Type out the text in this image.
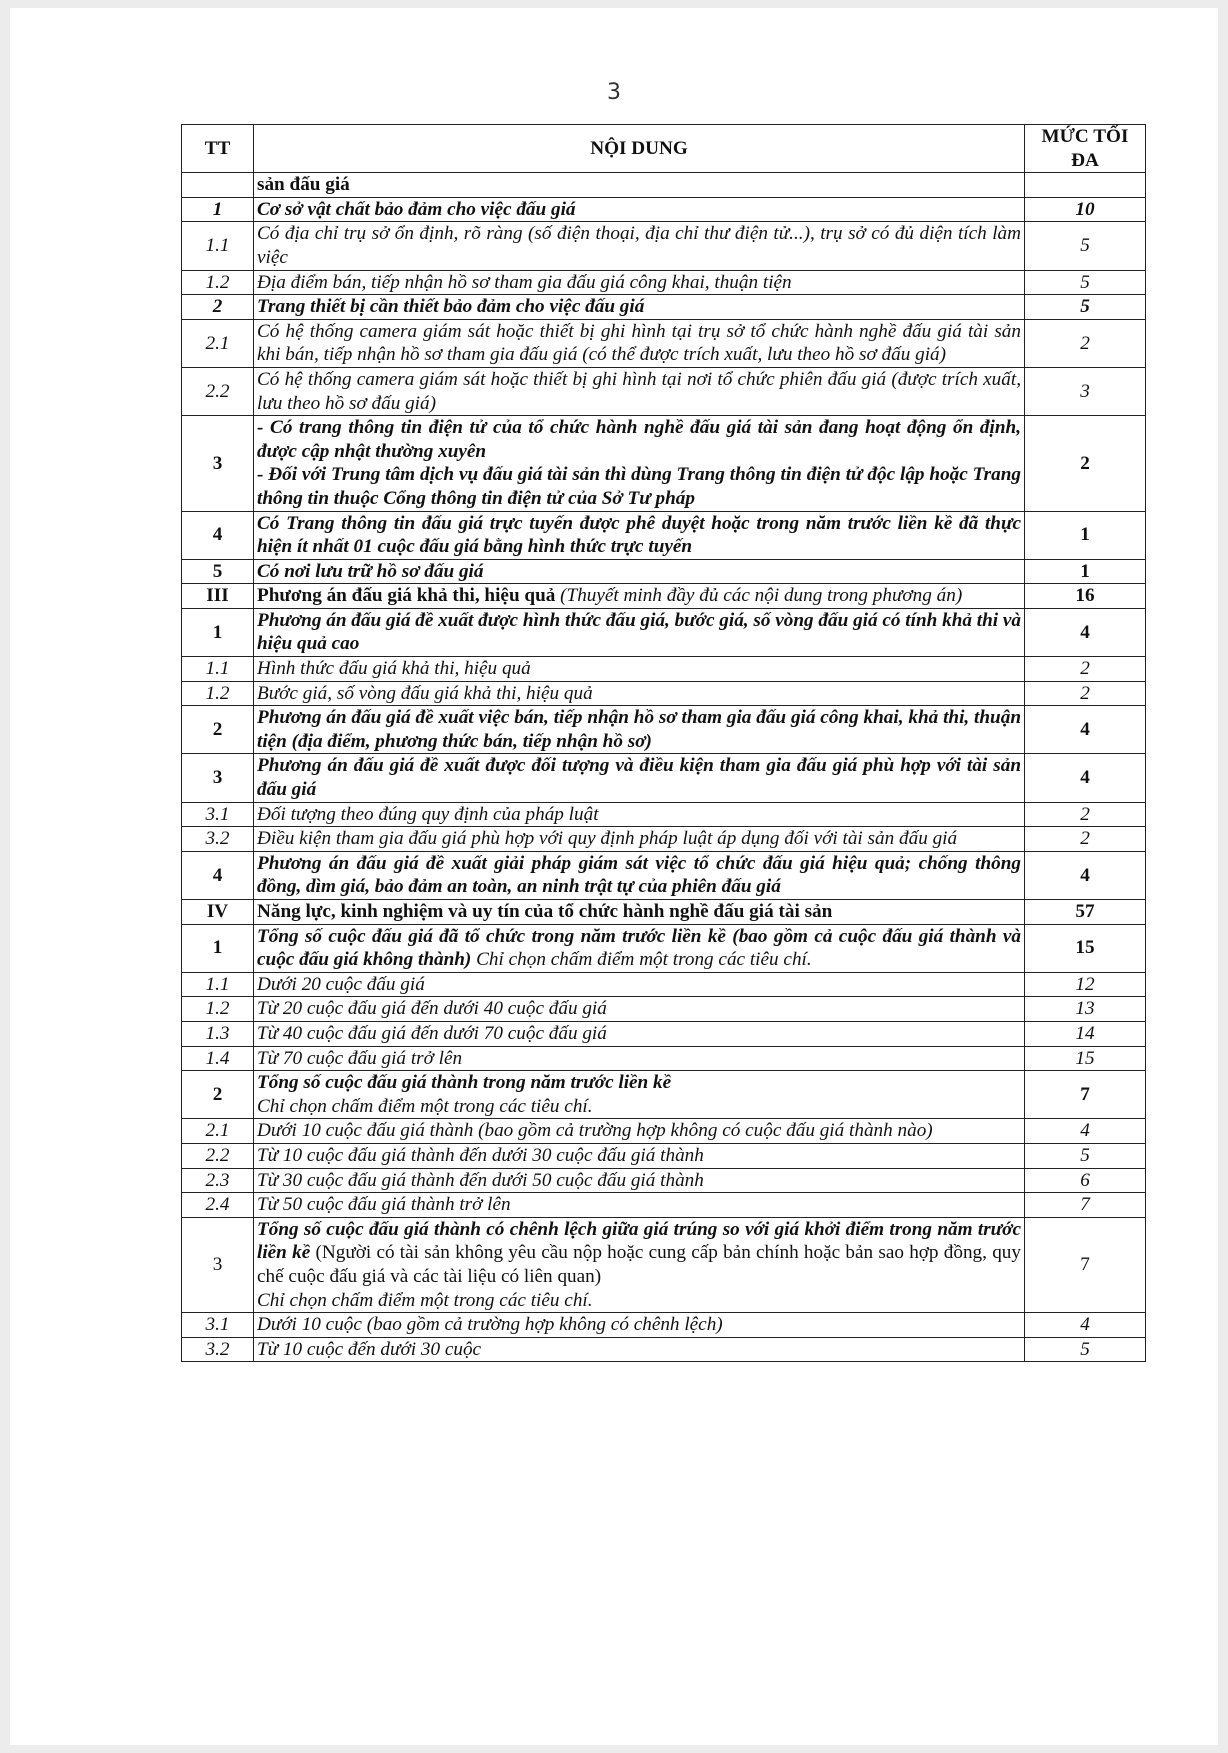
3
TT	NỘI DUNG	MỨC TỐI
ĐA
	sản đấu giá	
1	Cơ sở vật chất bảo đảm cho việc đấu giá	10
1.1	Có địa chỉ trụ sở ổn định, rõ ràng (số điện thoại, địa chỉ thư điện tử...), trụ sở có đủ diện tích làm việc	5
1.2	Địa điểm bán, tiếp nhận hồ sơ tham gia đấu giá công khai, thuận tiện	5
2	Trang thiết bị cần thiết bảo đảm cho việc đấu giá	5
2.1	Có hệ thống camera giám sát hoặc thiết bị ghi hình tại trụ sở tổ chức hành nghề đấu giá tài sản khi bán, tiếp nhận hồ sơ tham gia đấu giá (có thể được trích xuất, lưu theo hồ sơ đấu giá)	2
2.2	Có hệ thống camera giám sát hoặc thiết bị ghi hình tại nơi tổ chức phiên đấu giá (được trích xuất, lưu theo hồ sơ đấu giá)	3
3	- Có trang thông tin điện tử của tổ chức hành nghề đấu giá tài sản đang hoạt động ổn định, được cập nhật thường xuyên
- Đối với Trung tâm dịch vụ đấu giá tài sản thì dùng Trang thông tin điện tử độc lập hoặc Trang thông tin thuộc Cổng thông tin điện tử của Sở Tư pháp	2
4	Có Trang thông tin đấu giá trực tuyến được phê duyệt hoặc trong năm trước liền kề đã thực hiện ít nhất 01 cuộc đấu giá bằng hình thức trực tuyến	1
5	Có nơi lưu trữ hồ sơ đấu giá	1
III	Phương án đấu giá khả thi, hiệu quả (Thuyết minh đầy đủ các nội dung trong phương án)	16
1	Phương án đấu giá đề xuất được hình thức đấu giá, bước giá, số vòng đấu giá có tính khả thi và hiệu quả cao	4
1.1	Hình thức đấu giá khả thi, hiệu quả	2
1.2	Bước giá, số vòng đấu giá khả thi, hiệu quả	2
2	Phương án đấu giá đề xuất việc bán, tiếp nhận hồ sơ tham gia đấu giá công khai, khả thi, thuận tiện (địa điểm, phương thức bán, tiếp nhận hồ sơ)	4
3	Phương án đấu giá đề xuất được đối tượng và điều kiện tham gia đấu giá phù hợp với tài sản đấu giá	4
3.1	Đối tượng theo đúng quy định của pháp luật	2
3.2	Điều kiện tham gia đấu giá phù hợp với quy định pháp luật áp dụng đối với tài sản đấu giá	2
4	Phương án đấu giá đề xuất giải pháp giám sát việc tổ chức đấu giá hiệu quả; chống thông đồng, dìm giá, bảo đảm an toàn, an ninh trật tự của phiên đấu giá	4
IV	Năng lực, kinh nghiệm và uy tín của tổ chức hành nghề đấu giá tài sản	57
1	Tổng số cuộc đấu giá đã tổ chức trong năm trước liền kề (bao gồm cả cuộc đấu giá thành và cuộc đấu giá không thành) Chỉ chọn chấm điểm một trong các tiêu chí.	15
1.1	Dưới 20 cuộc đấu giá	12
1.2	Từ 20 cuộc đấu giá đến dưới 40 cuộc đấu giá	13
1.3	Từ 40 cuộc đấu giá đến dưới 70 cuộc đấu giá	14
1.4	Từ 70 cuộc đấu giá trở lên	15
2	Tổng số cuộc đấu giá thành trong năm trước liền kề
Chỉ chọn chấm điểm một trong các tiêu chí.	7
2.1	Dưới 10 cuộc đấu giá thành (bao gồm cả trường hợp không có cuộc đấu giá thành nào)	4
2.2	Từ 10 cuộc đấu giá thành đến dưới 30 cuộc đấu giá thành	5
2.3	Từ 30 cuộc đấu giá thành đến dưới 50 cuộc đấu giá thành	6
2.4	Từ 50 cuộc đấu giá thành trở lên	7
3	Tổng số cuộc đấu giá thành có chênh lệch giữa giá trúng so với giá khởi điểm trong năm trước liền kề (Người có tài sản không yêu cầu nộp hoặc cung cấp bản chính hoặc bản sao hợp đồng, quy chế cuộc đấu giá và các tài liệu có liên quan)
Chỉ chọn chấm điểm một trong các tiêu chí.	7
3.1	Dưới 10 cuộc (bao gồm cả trường hợp không có chênh lệch)	4
3.2	Từ 10 cuộc đến dưới 30 cuộc	5
